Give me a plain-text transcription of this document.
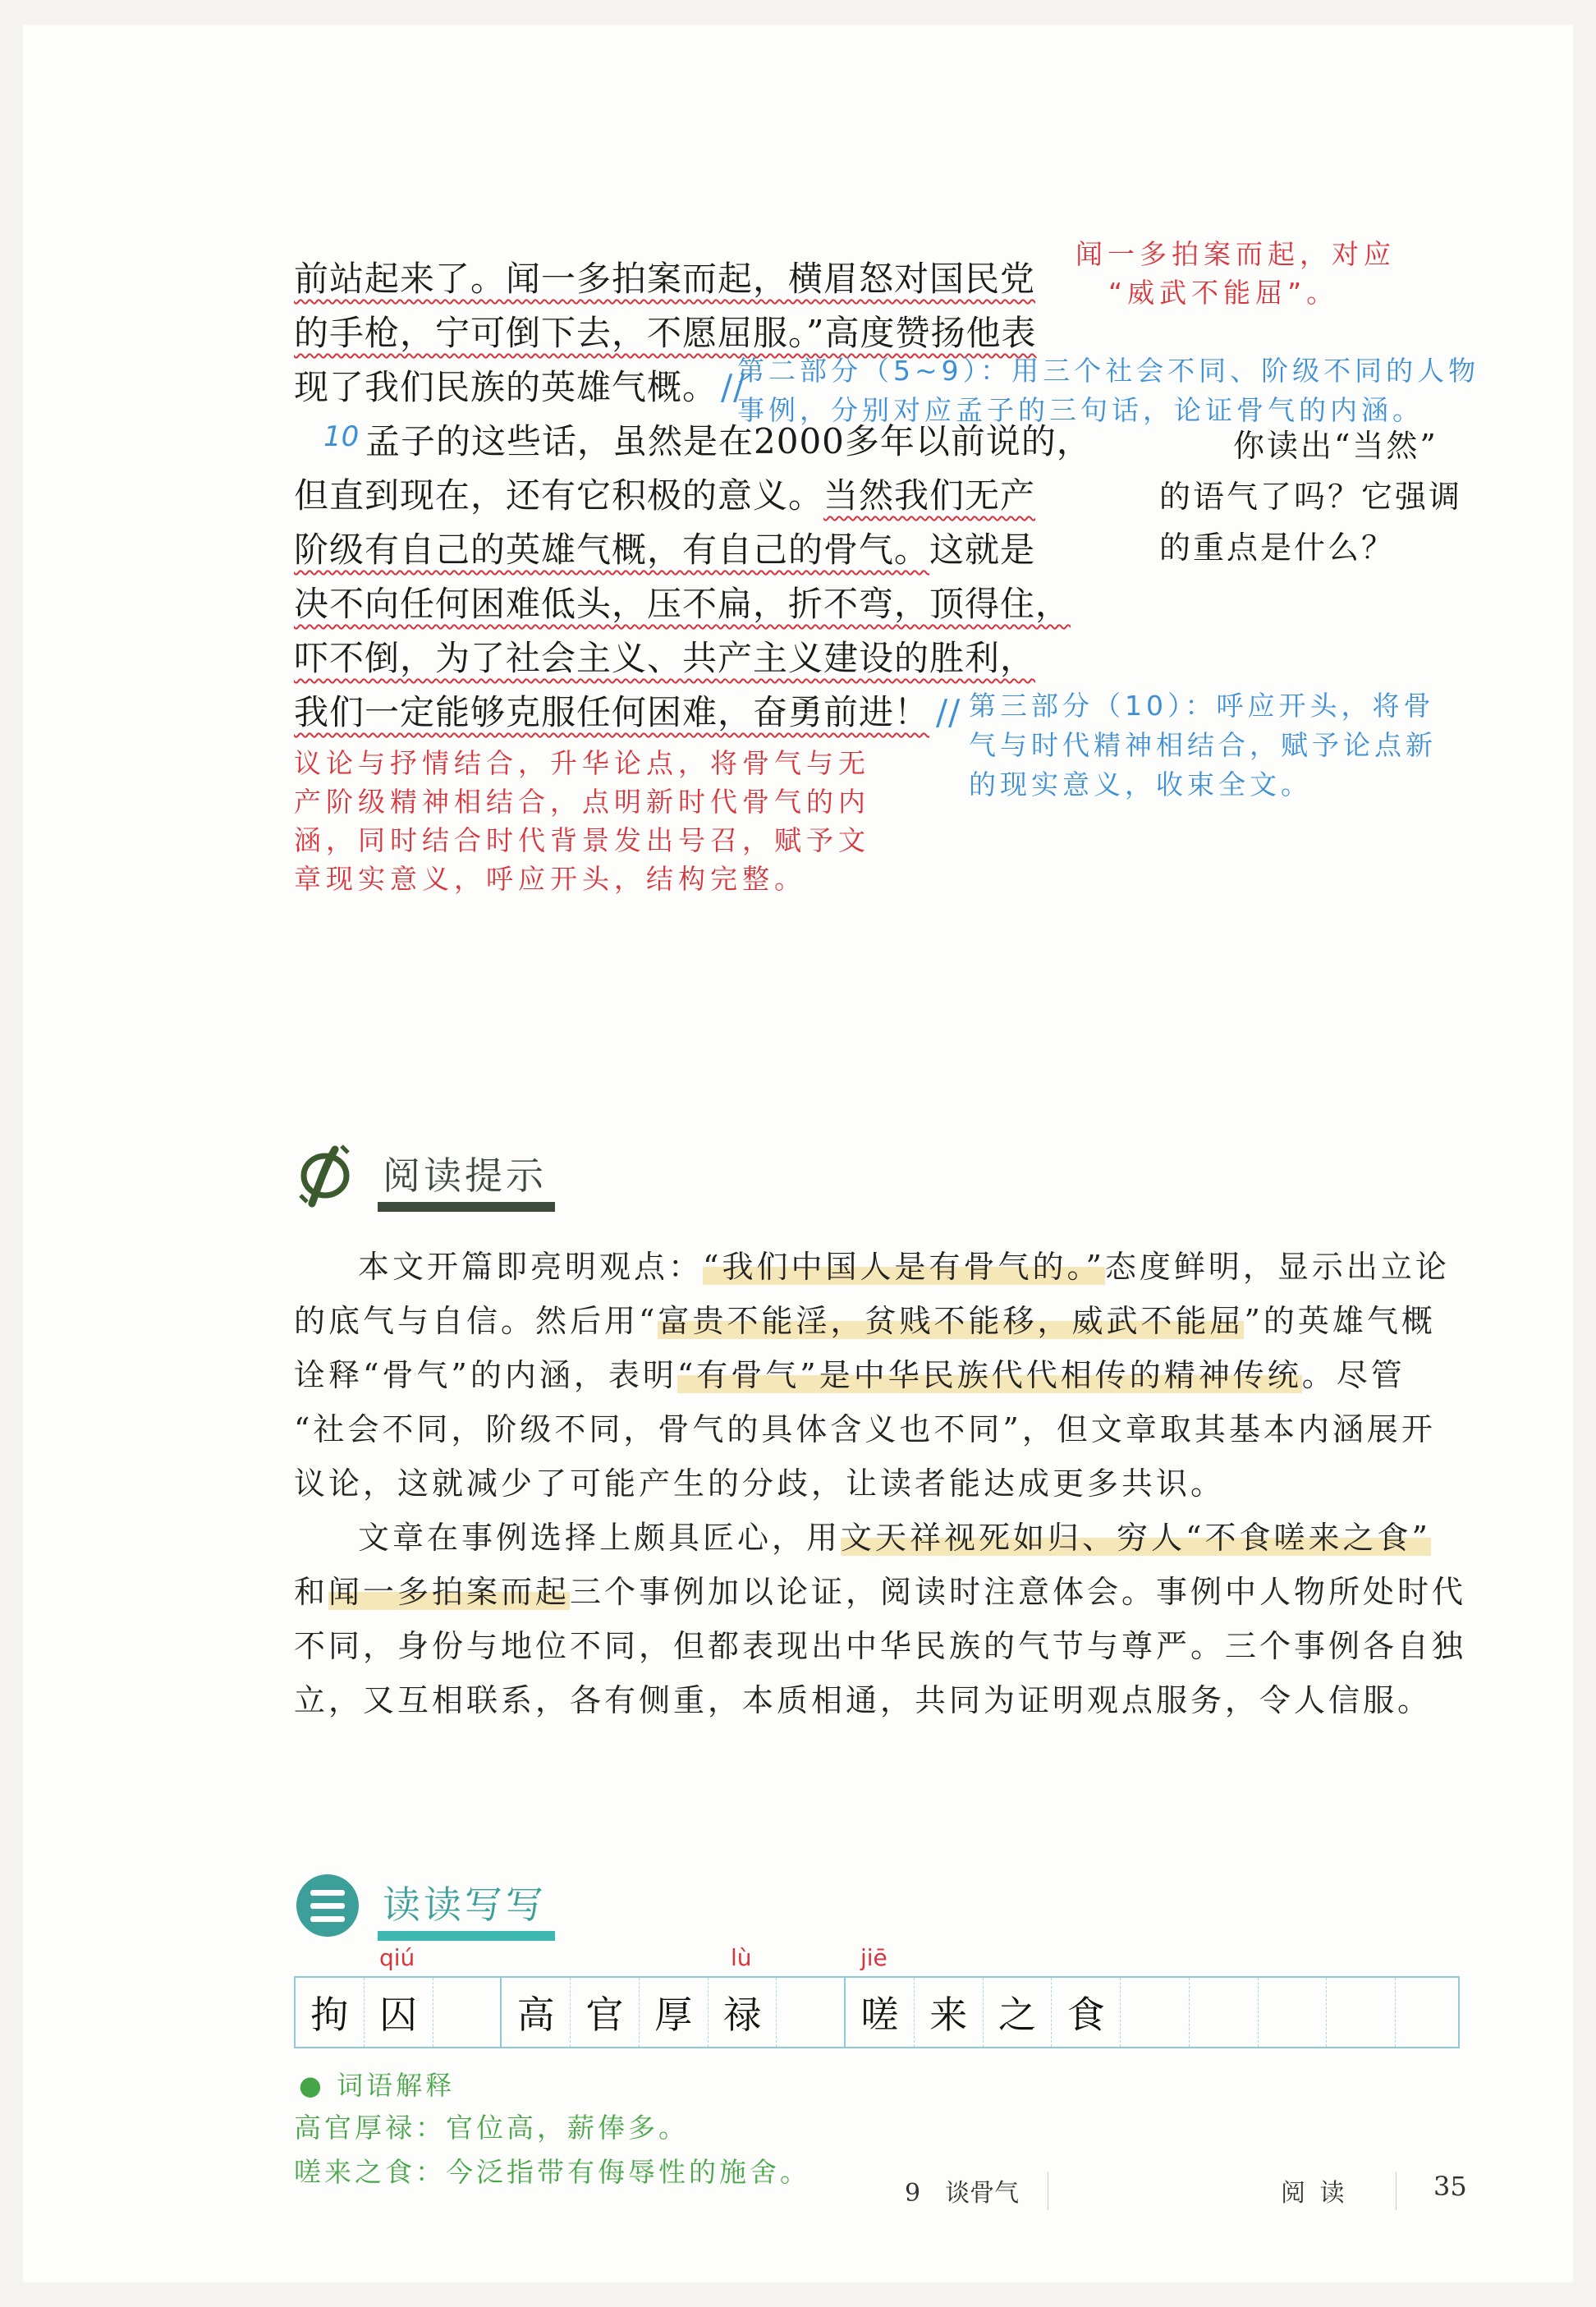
前站起来了。闻一多拍案而起，横眉怒对国民党
的手枪，宁可倒下去，不愿屈服。”高度赞扬他表
现了我们民族的英雄气概。//
10 孟子的这些话，虽然是在2000多年以前说的，
但直到现在，还有它积极的意义。当然我们无产
阶级有自己的英雄气概，有自己的骨气。这就是
决不向任何困难低头，压不扁，折不弯，顶得住，
吓不倒，为了社会主义、共产主义建设的胜利，
我们一定能够克服任何困难，奋勇前进！ //
闻一多拍案而起，对应
“威武不能屈”。
第二部分（5~9）：用三个社会不同、阶级不同的人物
事例，分别对应孟子的三句话，论证骨气的内涵。
你读出“当然”
的语气了吗？它强调
的重点是什么？
第三部分（10）：呼应开头，将骨
气与时代精神相结合，赋予论点新
的现实意义，收束全文。
议论与抒情结合，升华论点，将骨气与无
产阶级精神相结合，点明新时代骨气的内
涵，同时结合时代背景发出号召，赋予文
章现实意义，呼应开头，结构完整。
阅读提示
本文开篇即亮明观点：“我们中国人是有骨气的。”态度鲜明，显示出立论
的底气与自信。然后用“富贵不能淫，贫贱不能移，威武不能屈”的英雄气概
诠释“骨气”的内涵，表明“有骨气”是中华民族代代相传的精神传统。尽管
“社会不同，阶级不同，骨气的具体含义也不同”，但文章取其基本内涵展开
议论，这就减少了可能产生的分歧，让读者能达成更多共识。
文章在事例选择上颇具匠心，用文天祥视死如归、穷人“不食嗟来之食”
和闻一多拍案而起三个事例加以论证，阅读时注意体会。事例中人物所处时代
不同，身份与地位不同，但都表现出中华民族的气节与尊严。三个事例各自独
立，又互相联系，各有侧重，本质相通，共同为证明观点服务，令人信服。
读读写写
qiú	lù	jiē
拘 囚	高 官 厚 禄	嗟 来 之 食
● 词语解释
高官厚禄：官位高，薪俸多。
嗟来之食：今泛指带有侮辱性的施舍。
9　谈骨气	阅 读	35
